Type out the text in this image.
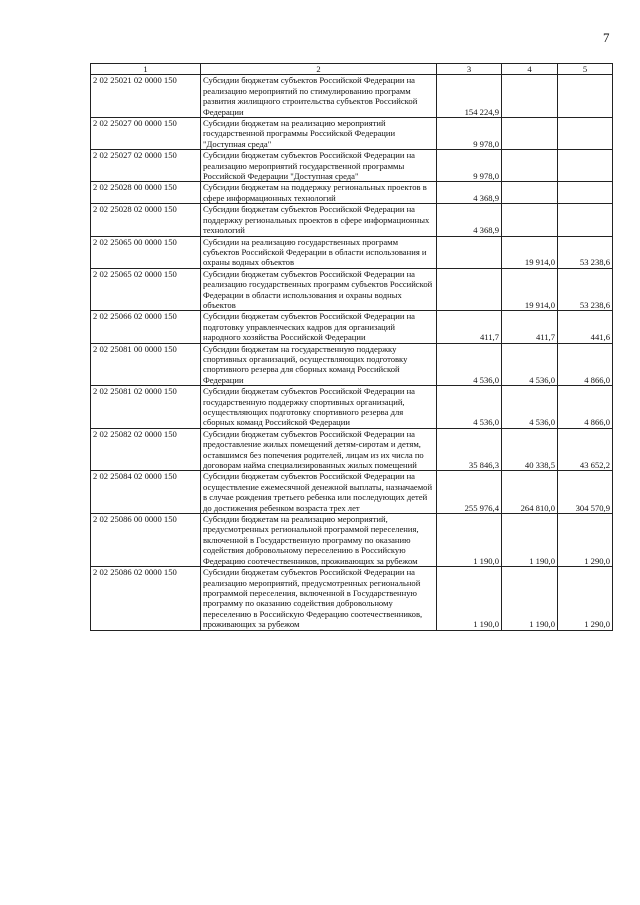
7
1	2	3	4	5
2 02 25021 02 0000 150	Субсидии бюджетам субъектов Российской Федерации на реализацию мероприятий по стимулированию программ развития жилищного строительства субъектов Российской Федерации	154 224,9		
2 02 25027 00 0000 150	Субсидии бюджетам на реализацию мероприятий государственной программы Российской Федерации "Доступная среда"	9 978,0		
2 02 25027 02 0000 150	Субсидии бюджетам субъектов Российской Федерации на реализацию мероприятий государственной программы Российской Федерации "Доступная среда"	9 978,0		
2 02 25028 00 0000 150	Субсидии бюджетам на поддержку региональных проектов в сфере информационных технологий	4 368,9		
2 02 25028 02 0000 150	Субсидии бюджетам субъектов Российской Федерации на поддержку региональных проектов в сфере информационных технологий	4 368,9		
2 02 25065 00 0000 150	Субсидии на реализацию государственных программ субъектов Российской Федерации в области использования и охраны водных объектов		19 914,0	53 238,6
2 02 25065 02 0000 150	Субсидии бюджетам субъектов Российской Федерации на реализацию государственных программ субъектов Российской Федерации в области использования и охраны водных объектов		19 914,0	53 238,6
2 02 25066 02 0000 150	Субсидии бюджетам субъектов Российской Федерации на подготовку управленческих кадров для организаций народного хозяйства Российской Федерации	411,7	411,7	441,6
2 02 25081 00 0000 150	Субсидии бюджетам на государственную поддержку спортивных организаций, осуществляющих подготовку спортивного резерва для сборных команд Российской Федерации	4 536,0	4 536,0	4 866,0
2 02 25081 02 0000 150	Субсидии бюджетам субъектов Российской Федерации на государственную поддержку спортивных организаций, осуществляющих подготовку спортивного резерва для сборных команд Российской Федерации	4 536,0	4 536,0	4 866,0
2 02 25082 02 0000 150	Субсидии бюджетам субъектов Российской Федерации на предоставление жилых помещений детям-сиротам и детям, оставшимся без попечения родителей, лицам из их числа по договорам найма специализированных жилых помещений	35 846,3	40 338,5	43 652,2
2 02 25084 02 0000 150	Субсидии бюджетам субъектов Российской Федерации на осуществление ежемесячной денежной выплаты, назначаемой в случае рождения третьего ребенка или последующих детей до достижения ребенком возраста трех лет	255 976,4	264 810,0	304 570,9
2 02 25086 00 0000 150	Субсидии бюджетам на реализацию мероприятий, предусмотренных региональной программой переселения, включенной в Государственную программу по оказанию содействия добровольному переселению в Российскую Федерацию соотечественников, проживающих за рубежом	1 190,0	1 190,0	1 290,0
2 02 25086 02 0000 150	Субсидии бюджетам субъектов Российской Федерации на реализацию мероприятий, предусмотренных региональной программой переселения, включенной в Государственную программу по оказанию содействия добровольному переселению в Российскую Федерацию соотечественников, проживающих за рубежом	1 190,0	1 190,0	1 290,0
